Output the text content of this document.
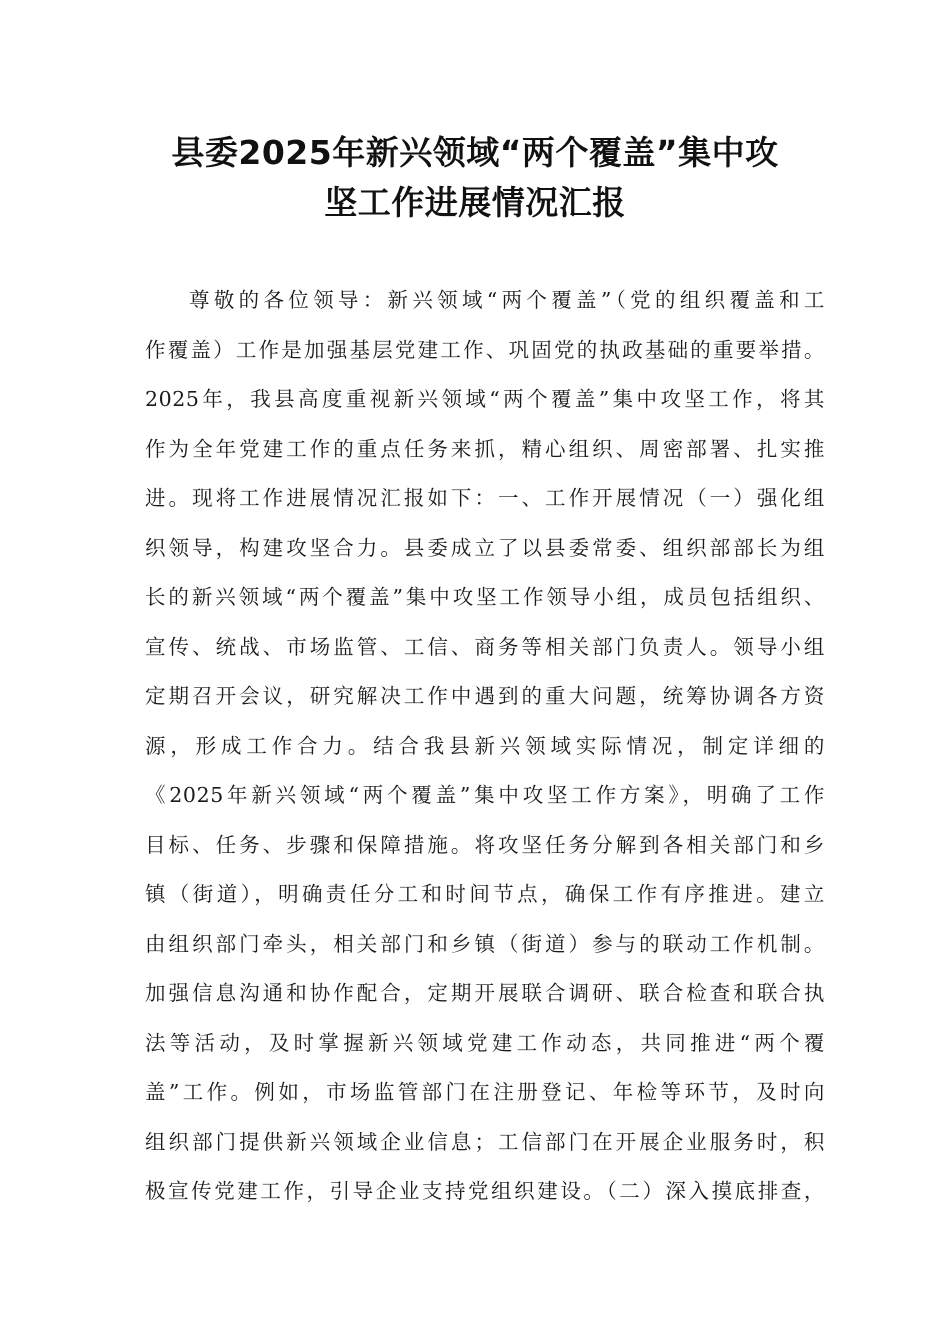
县委2025年新兴领域“两个覆盖”集中攻
坚工作进展情况汇报
尊敬的各位领导：新兴领域“两个覆盖”（党的组织覆盖和工
作覆盖）工作是加强基层党建工作、巩固党的执政基础的重要举措。
2025年，我县高度重视新兴领域“两个覆盖”集中攻坚工作，将其
作为全年党建工作的重点任务来抓，精心组织、周密部署、扎实推
进。现将工作进展情况汇报如下：一、工作开展情况（一）强化组
织领导，构建攻坚合力。县委成立了以县委常委、组织部部长为组
长的新兴领域“两个覆盖”集中攻坚工作领导小组，成员包括组织、
宣传、统战、市场监管、工信、商务等相关部门负责人。领导小组
定期召开会议，研究解决工作中遇到的重大问题，统筹协调各方资
源，形成工作合力。结合我县新兴领域实际情况，制定详细的
《2025年新兴领域“两个覆盖”集中攻坚工作方案》，明确了工作
目标、任务、步骤和保障措施。将攻坚任务分解到各相关部门和乡
镇（街道），明确责任分工和时间节点，确保工作有序推进。建立
由组织部门牵头，相关部门和乡镇（街道）参与的联动工作机制。
加强信息沟通和协作配合，定期开展联合调研、联合检查和联合执
法等活动，及时掌握新兴领域党建工作动态，共同推进“两个覆
盖”工作。例如，市场监管部门在注册登记、年检等环节，及时向
组织部门提供新兴领域企业信息；工信部门在开展企业服务时，积
极宣传党建工作，引导企业支持党组织建设。（二）深入摸底排查，
